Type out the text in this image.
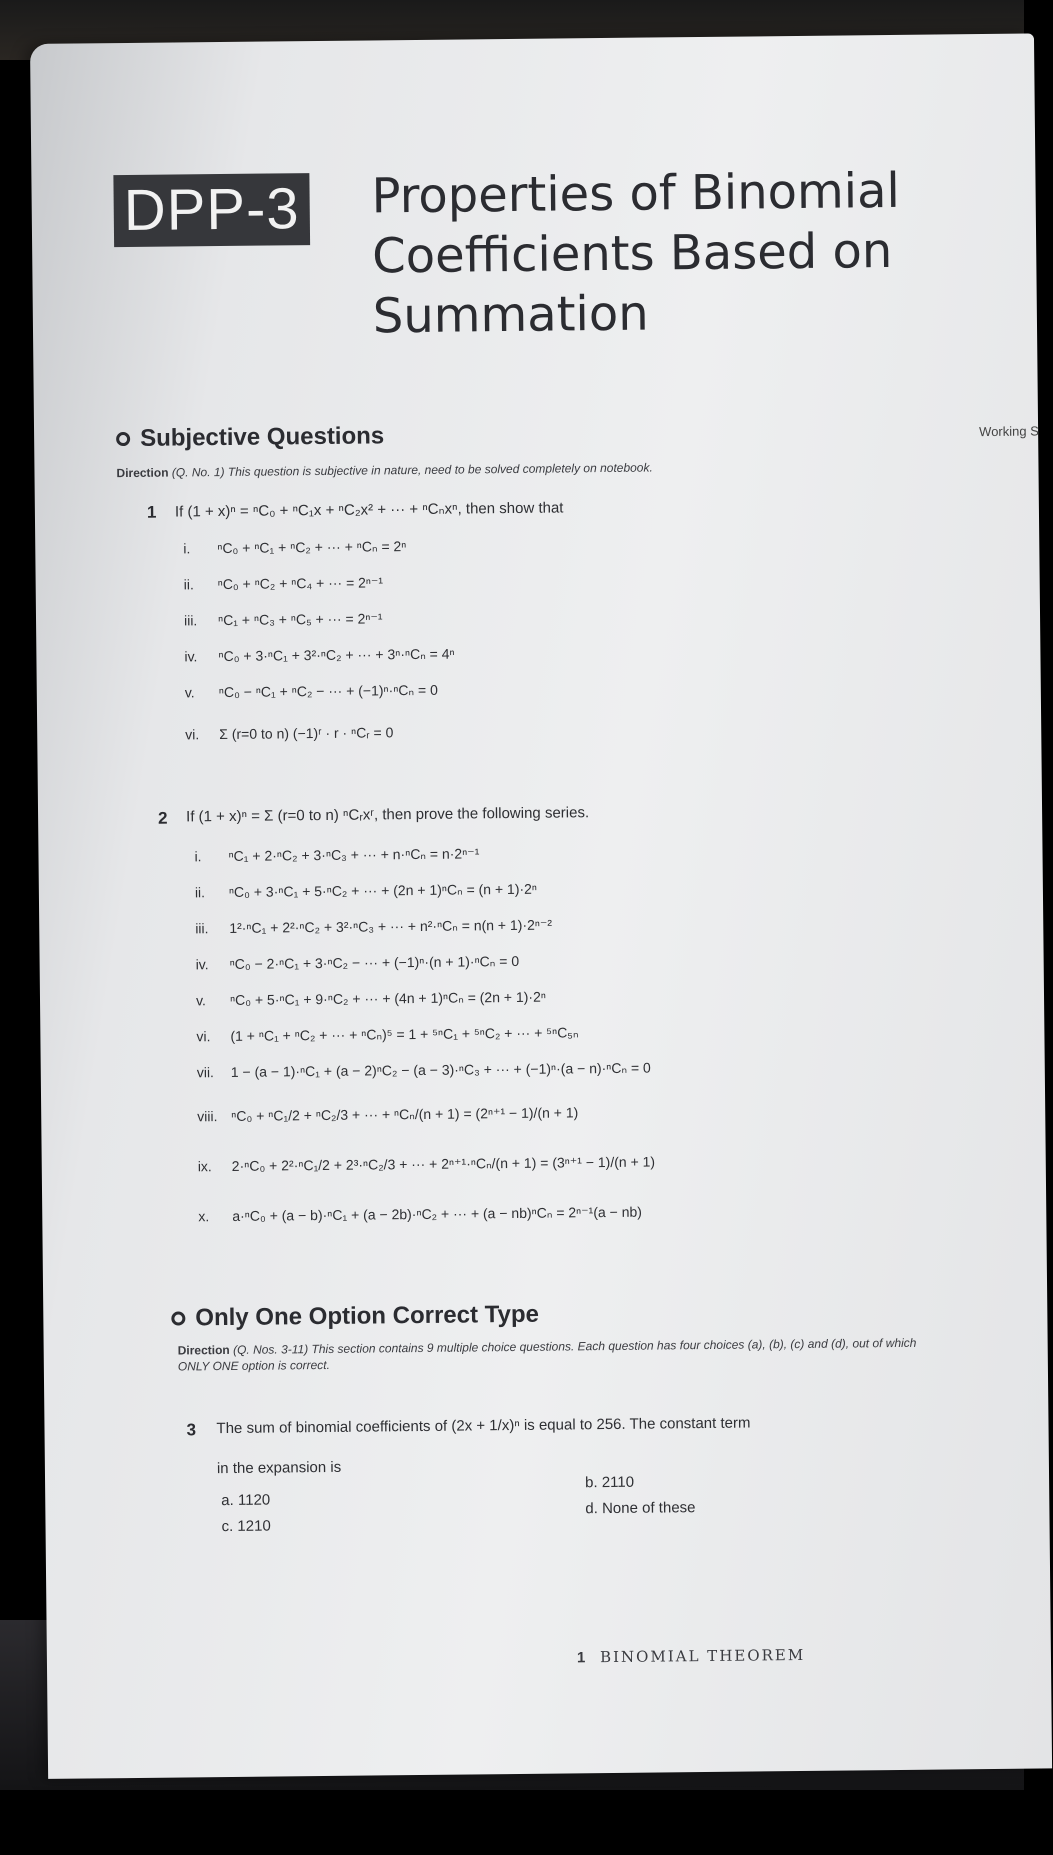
DPP-3 Properties of Binomial
Coefficients Based on
Summation
Subjective Questions
Direction (Q. No. 1) This question is subjective in nature, need to be solved completely on notebook.
Working S
1 If (1 + x)ⁿ = ⁿC₀ + ⁿC₁x + ⁿC₂x² + ··· + ⁿCₙxⁿ, then show that
i. ⁿC₀ + ⁿC₁ + ⁿC₂ + ··· + ⁿCₙ = 2ⁿ
ii. ⁿC₀ + ⁿC₂ + ⁿC₄ + ··· = 2ⁿ⁻¹
iii. ⁿC₁ + ⁿC₃ + ⁿC₅ + ··· = 2ⁿ⁻¹
iv. ⁿC₀ + 3·ⁿC₁ + 3²·ⁿC₂ + ··· + 3ⁿ·ⁿCₙ = 4ⁿ
v. ⁿC₀ − ⁿC₁ + ⁿC₂ − ··· + (−1)ⁿ·ⁿCₙ = 0
vi. Σ (r=0 to n) (−1)ʳ · r · ⁿCᵣ = 0
2 If (1 + x)ⁿ = Σ (r=0 to n) ⁿCᵣxʳ, then prove the following series.
i. ⁿC₁ + 2·ⁿC₂ + 3·ⁿC₃ + ··· + n·ⁿCₙ = n·2ⁿ⁻¹
ii. ⁿC₀ + 3·ⁿC₁ + 5·ⁿC₂ + ··· + (2n + 1)ⁿCₙ = (n + 1)·2ⁿ
iii. 1²·ⁿC₁ + 2²·ⁿC₂ + 3²·ⁿC₃ + ··· + n²·ⁿCₙ = n(n + 1)·2ⁿ⁻²
iv. ⁿC₀ − 2·ⁿC₁ + 3·ⁿC₂ − ··· + (−1)ⁿ·(n + 1)·ⁿCₙ = 0
v. ⁿC₀ + 5·ⁿC₁ + 9·ⁿC₂ + ··· + (4n + 1)ⁿCₙ = (2n + 1)·2ⁿ
vi. (1 + ⁿC₁ + ⁿC₂ + ··· + ⁿCₙ)⁵ = 1 + ⁵ⁿC₁ + ⁵ⁿC₂ + ··· + ⁵ⁿC₅ₙ
vii. 1 − (a − 1)·ⁿC₁ + (a − 2)ⁿC₂ − (a − 3)·ⁿC₃ + ··· + (−1)ⁿ·(a − n)·ⁿCₙ = 0
viii. ⁿC₀ + ⁿC₁/2 + ⁿC₂/3 + ··· + ⁿCₙ/(n + 1) = (2ⁿ⁺¹ − 1)/(n + 1)
ix. 2·ⁿC₀ + 2²·ⁿC₁/2 + 2³·ⁿC₂/3 + ··· + 2ⁿ⁺¹·ⁿCₙ/(n + 1) = (3ⁿ⁺¹ − 1)/(n + 1)
x. a·ⁿC₀ + (a − b)·ⁿC₁ + (a − 2b)·ⁿC₂ + ··· + (a − nb)ⁿCₙ = 2ⁿ⁻¹(a − nb)
Only One Option Correct Type
Direction (Q. Nos. 3-11) This section contains 9 multiple choice questions. Each question has four choices (a), (b), (c) and (d), out of which ONLY ONE option is correct.
3 The sum of binomial coefficients of (2x + 1/x)ⁿ is equal to 256. The constant term
in the expansion is
a. 1120
b. 2110
c. 1210
d. None of these
1 BINOMIAL THEOREM
